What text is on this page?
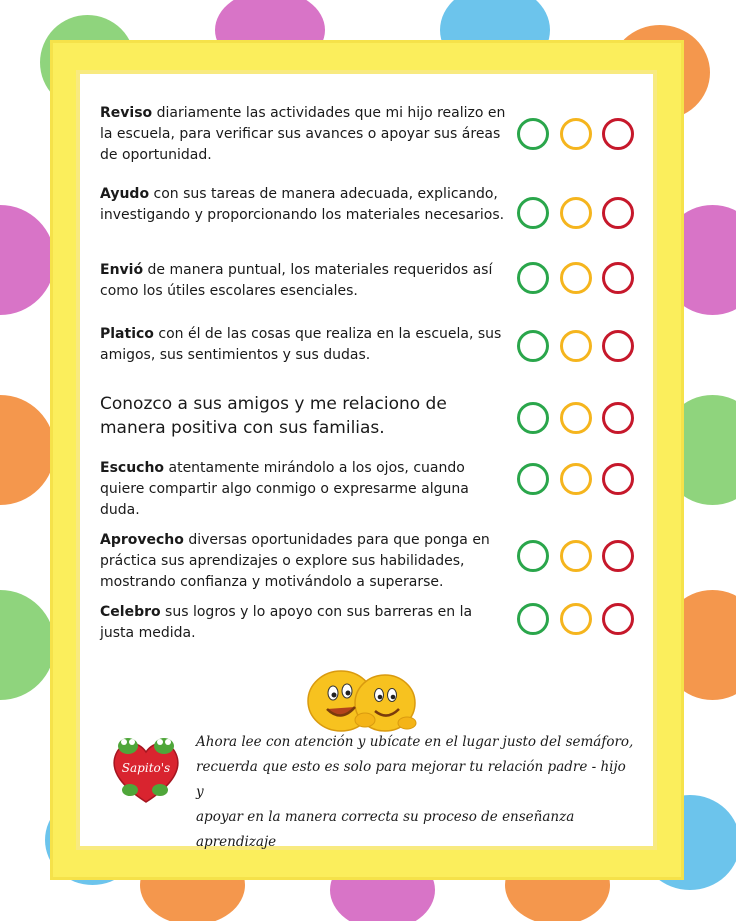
Reviso diariamente las actividades que mi hijo realizo en la escuela, para verificar sus avances o apoyar sus áreas de oportunidad.
Ayudo con sus tareas de manera adecuada, explicando, investigando y proporcionando los materiales necesarios.
Envió de manera puntual, los materiales requeridos así como los útiles escolares esenciales.
Platico con él de las cosas que realiza en la escuela, sus amigos, sus sentimientos y sus dudas.
Conozco a sus amigos y me relaciono de manera positiva con sus familias.
Escucho atentamente mirándolo a los ojos, cuando quiere compartir algo conmigo o expresarme alguna duda.
Aprovecho diversas oportunidades para que ponga en práctica sus aprendizajes o explore sus habilidades, mostrando confianza y motivándolo a superarse.
Celebro sus logros y lo apoyo con sus barreras en la justa medida.
Sapito's
Ahora lee con atención y ubícate en el lugar justo del semáforo,
recuerda que esto es solo para mejorar tu relación padre - hijo y
apoyar en la manera correcta su proceso de enseñanza aprendizaje
